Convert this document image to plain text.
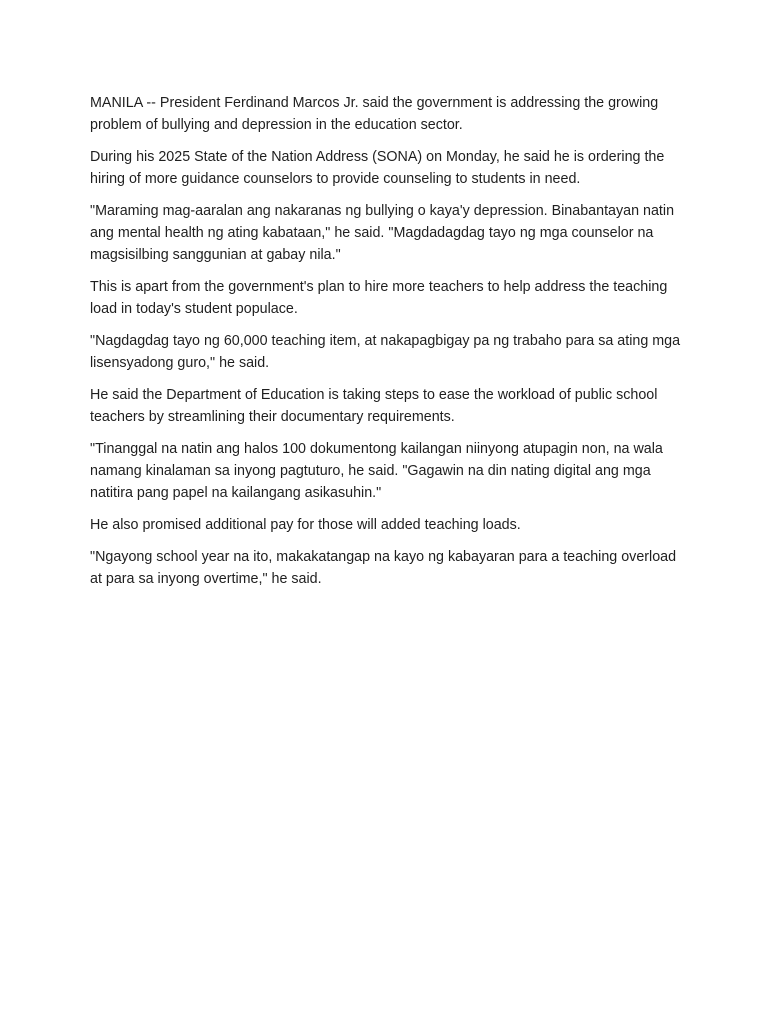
MANILA -- President Ferdinand Marcos Jr. said the government is addressing the growing problem of bullying and depression in the education sector.

During his 2025 State of the Nation Address (SONA) on Monday, he said he is ordering the hiring of more guidance counselors to provide counseling to students in need.

"Maraming mag-aaralan ang nakaranas ng bullying o kaya'y depression. Binabantayan natin ang mental health ng ating kabataan," he said. "Magdadagdag tayo ng mga counselor na magsisilbing sanggunian at gabay nila."

This is apart from the government's plan to hire more teachers to help address the teaching load in today's student populace.

"Nagdagdag tayo ng 60,000 teaching item, at nakapagbigay pa ng trabaho para sa ating mga lisensyadong guro," he said.

He said the Department of Education is taking steps to ease the workload of public school teachers by streamlining their documentary requirements.

"Tinanggal na natin ang halos 100 dokumentong kailangan niinyong atupagin non, na wala namang kinalaman sa inyong pagtuturo, he said. "Gagawin na din nating digital ang mga natitira pang papel na kailangang asikasuhin."

He also promised additional pay for those will added teaching loads.

"Ngayong school year na ito, makakatangap na kayo ng kabayaran para a teaching overload at para sa inyong overtime," he said.
